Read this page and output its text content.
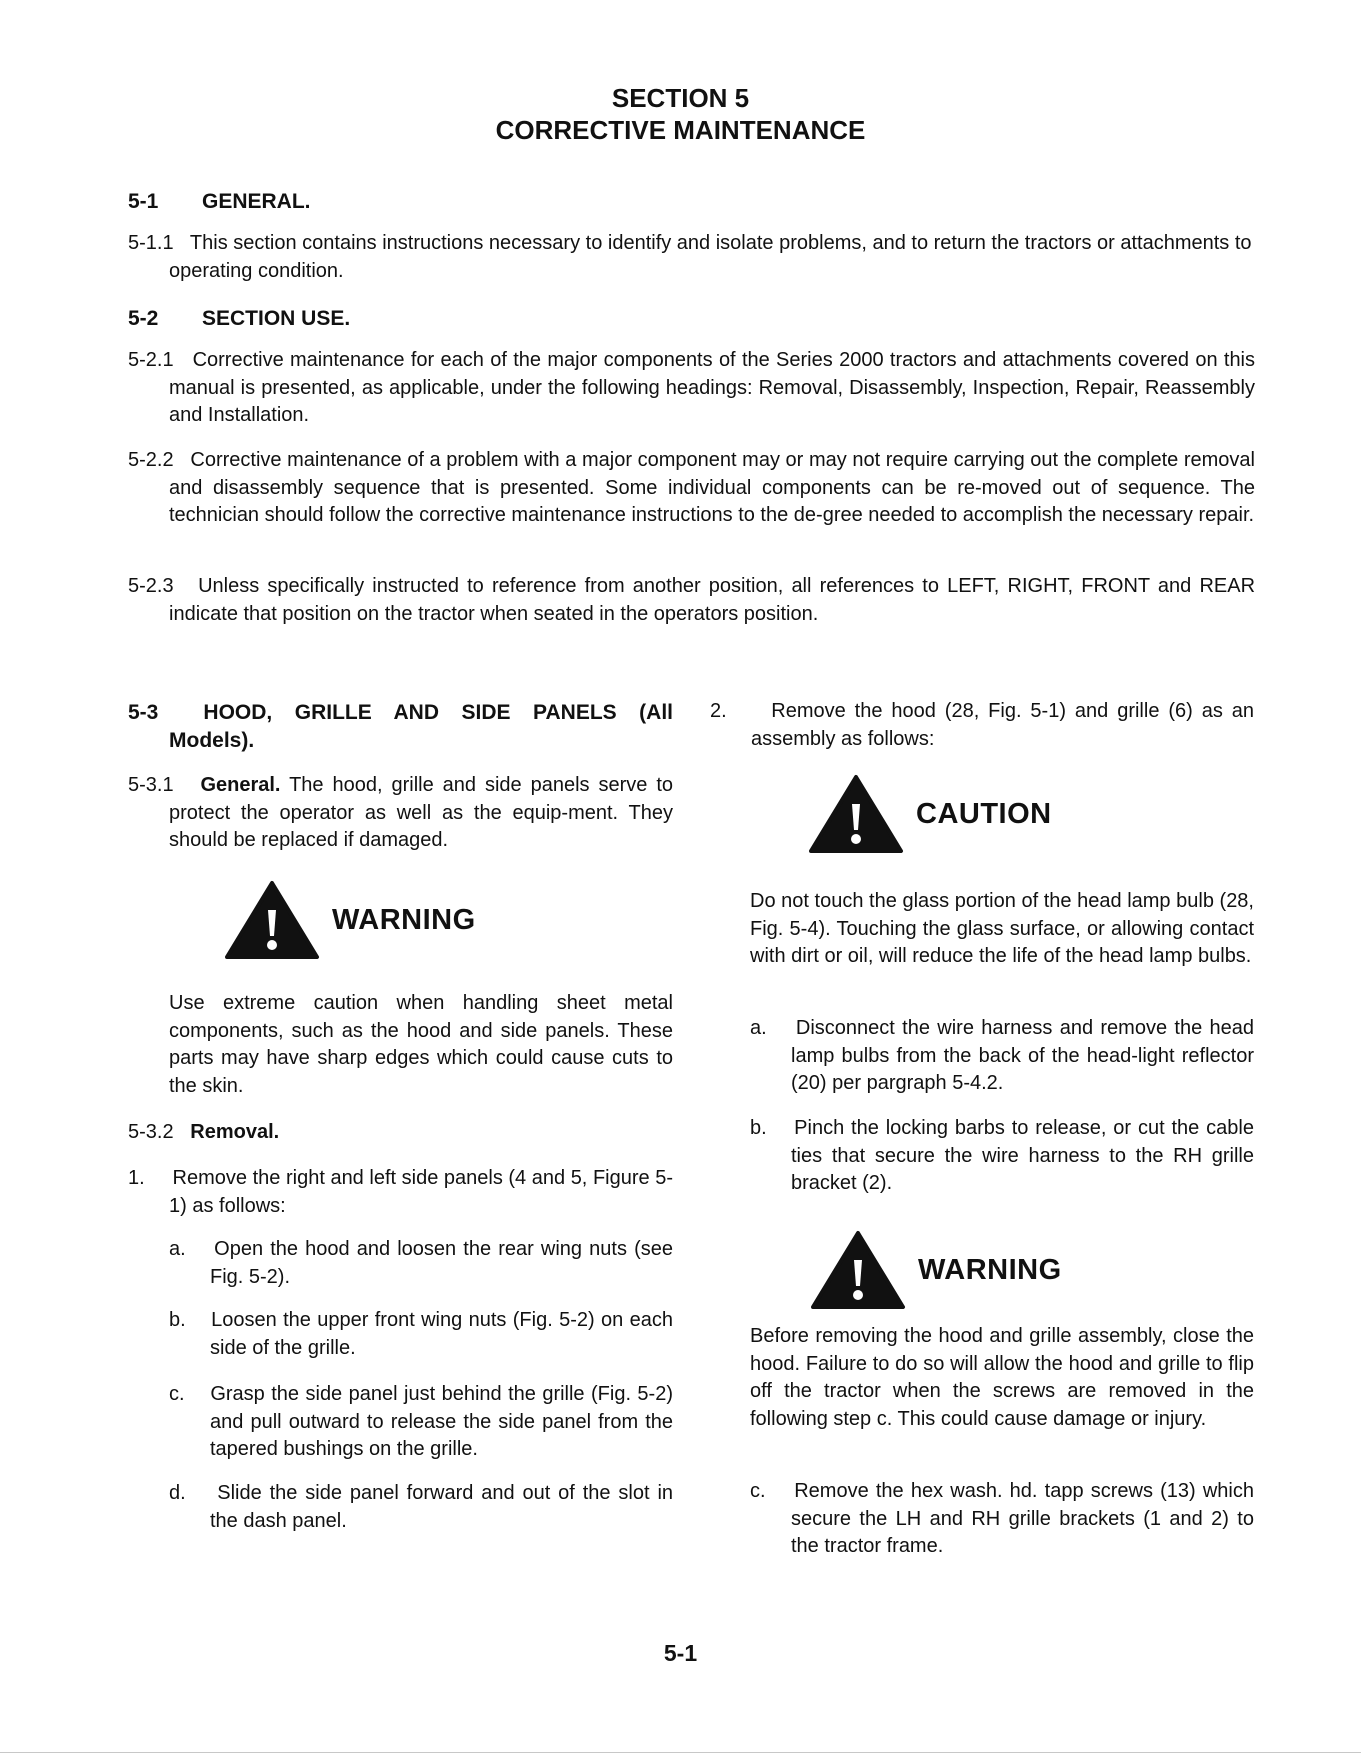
SECTION 5
CORRECTIVE MAINTENANCE
5-1 GENERAL.
5-1.1 This section contains instructions necessary to identify and isolate problems, and to return the tractors or attachments to operating condition.
5-2 SECTION USE.
5-2.1 Corrective maintenance for each of the major components of the Series 2000 tractors and attachments covered on this manual is presented, as applicable, under the following headings: Removal, Disassembly, Inspection, Repair, Reassembly and Installation.
5-2.2 Corrective maintenance of a problem with a major component may or may not require carrying out the complete removal and disassembly sequence that is presented. Some individual components can be re-moved out of sequence. The technician should follow the corrective maintenance instructions to the de-gree needed to accomplish the necessary repair.
5-2.3 Unless specifically instructed to reference from another position, all references to LEFT, RIGHT, FRONT and REAR indicate that position on the tractor when seated in the operators position.
5-3 HOOD, GRILLE AND SIDE PANELS (All Models).
5-3.1 General. The hood, grille and side panels serve to protect the operator as well as the equip-ment. They should be replaced if damaged.
WARNING
Use extreme caution when handling sheet metal components, such as the hood and side panels. These parts may have sharp edges which could cause cuts to the skin.
5-3.2 Removal.
1. Remove the right and left side panels (4 and 5, Figure 5-1) as follows:
a. Open the hood and loosen the rear wing nuts (see Fig. 5-2).
b. Loosen the upper front wing nuts (Fig. 5-2) on each side of the grille.
c. Grasp the side panel just behind the grille (Fig. 5-2) and pull outward to release the side panel from the tapered bushings on the grille.
d. Slide the side panel forward and out of the slot in the dash panel.
2. Remove the hood (28, Fig. 5-1) and grille (6) as an assembly as follows:
CAUTION
Do not touch the glass portion of the head lamp bulb (28, Fig. 5-4). Touching the glass surface, or allowing contact with dirt or oil, will reduce the life of the head lamp bulbs.
a. Disconnect the wire harness and remove the head lamp bulbs from the back of the head-light reflector (20) per pargraph 5-4.2.
b. Pinch the locking barbs to release, or cut the cable ties that secure the wire harness to the RH grille bracket (2).
WARNING
Before removing the hood and grille assembly, close the hood. Failure to do so will allow the hood and grille to flip off the tractor when the screws are removed in the following step c. This could cause damage or injury.
c. Remove the hex wash. hd. tapp screws (13) which secure the LH and RH grille brackets (1 and 2) to the tractor frame.
5-1
